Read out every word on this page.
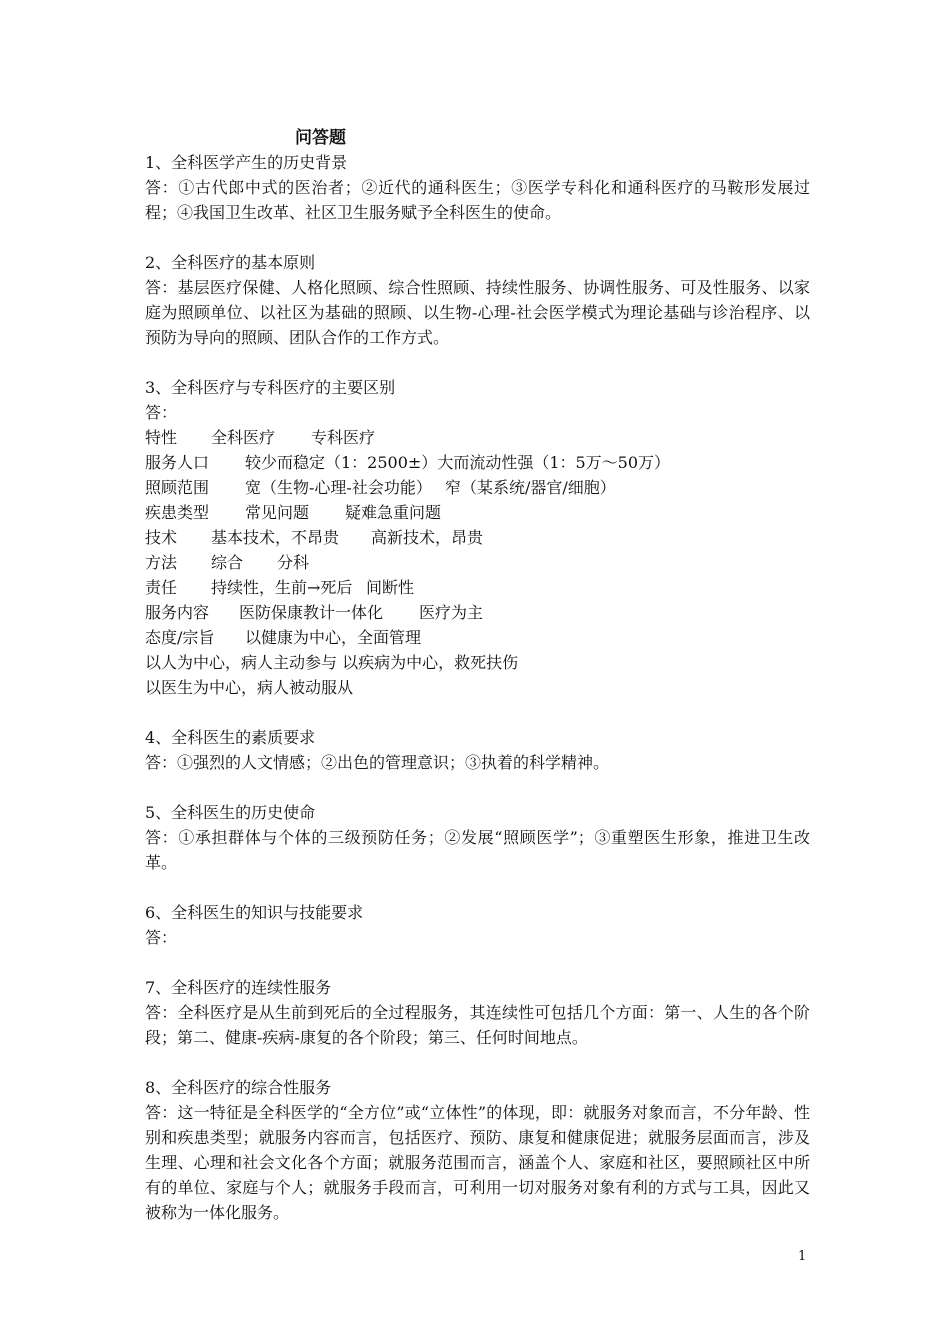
问答题
1、全科医学产生的历史背景
答：①古代郎中式的医治者；②近代的通科医生；③医学专科化和通科医疗的马鞍形发展过程；④我国卫生改革、社区卫生服务赋予全科医生的使命。
2、全科医疗的基本原则
答：基层医疗保健、人格化照顾、综合性照顾、持续性服务、协调性服务、可及性服务、以家庭为照顾单位、以社区为基础的照顾、以生物-心理-社会医学模式为理论基础与诊治程序、以预防为导向的照顾、团队合作的工作方式。
3、全科医疗与专科医疗的主要区别
答：
特性 全科医疗 专科医疗
服务人口 较少而稳定（1：2500±）大而流动性强（1：5万～50万）
照顾范围 宽（生物-心理-社会功能） 窄（某系统/器官/细胞）
疾患类型 常见问题 疑难急重问题
技术 基本技术，不昂贵 高新技术，昂贵
方法 综合 分科
责任 持续性，生前→死后 间断性
服务内容 医防保康教计一体化 医疗为主
态度/宗旨 以健康为中心，全面管理
以人为中心，病人主动参与 以疾病为中心，救死扶伤
以医生为中心，病人被动服从
4、全科医生的素质要求
答：①强烈的人文情感；②出色的管理意识；③执着的科学精神。
5、全科医生的历史使命
答：①承担群体与个体的三级预防任务；②发展“照顾医学”；③重塑医生形象，推进卫生改革。
6、全科医生的知识与技能要求
答：
7、全科医疗的连续性服务
答：全科医疗是从生前到死后的全过程服务，其连续性可包括几个方面：第一、人生的各个阶段；第二、健康-疾病-康复的各个阶段；第三、任何时间地点。
8、全科医疗的综合性服务
答：这一特征是全科医学的“全方位”或“立体性”的体现，即：就服务对象而言，不分年龄、性别和疾患类型；就服务内容而言，包括医疗、预防、康复和健康促进；就服务层面而言，涉及生理、心理和社会文化各个方面；就服务范围而言，涵盖个人、家庭和社区，要照顾社区中所有的单位、家庭与个人；就服务手段而言，可利用一切对服务对象有利的方式与工具，因此又被称为一体化服务。
1
